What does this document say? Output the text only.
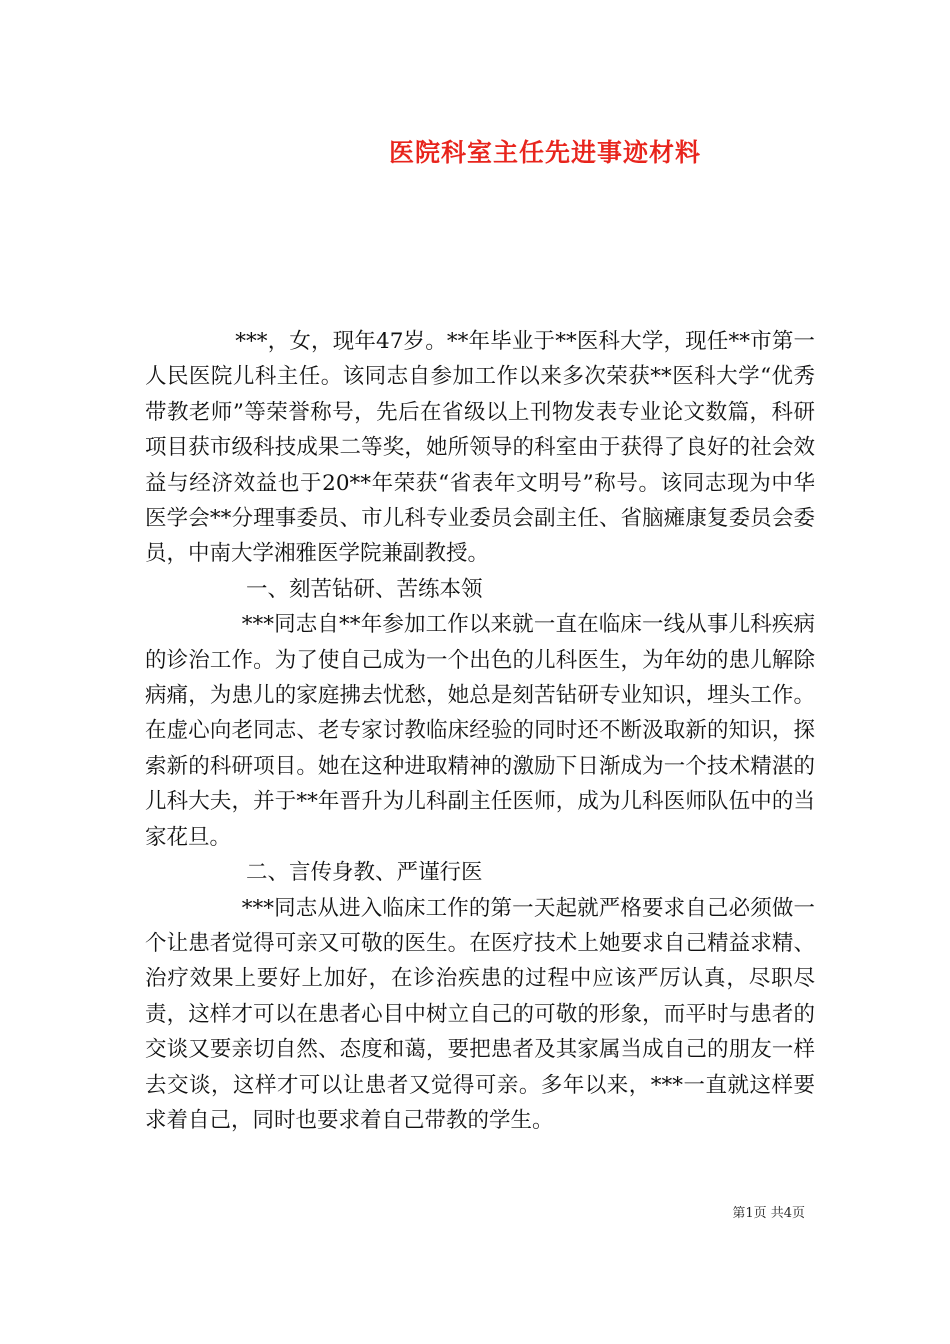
医院科室主任先进事迹材料

***，女，现年47岁。**年毕业于**医科大学，现任**市第一人民医院儿科主任。该同志自参加工作以来多次荣获**医科大学“优秀带教老师”等荣誉称号，先后在省级以上刊物发表专业论文数篇，科研项目获市级科技成果二等奖，她所领导的科室由于获得了良好的社会效益与经济效益也于20**年荣获“省表年文明号”称号。该同志现为中华医学会**分理事委员、市儿科专业委员会副主任、省脑瘫康复委员会委员，中南大学湘雅医学院兼副教授。

一、刻苦钻研、苦练本领

***同志自**年参加工作以来就一直在临床一线从事儿科疾病的诊治工作。为了使自己成为一个出色的儿科医生，为年幼的患儿解除病痛，为患儿的家庭拂去忧愁，她总是刻苦钻研专业知识，埋头工作。在虚心向老同志、老专家讨教临床经验的同时还不断汲取新的知识，探索新的科研项目。她在这种进取精神的激励下日渐成为一个技术精湛的儿科大夫，并于**年晋升为儿科副主任医师，成为儿科医师队伍中的当家花旦。

二、言传身教、严谨行医

***同志从进入临床工作的第一天起就严格要求自己必须做一个让患者觉得可亲又可敬的医生。在医疗技术上她要求自己精益求精、治疗效果上要好上加好，在诊治疾患的过程中应该严厉认真，尽职尽责，这样才可以在患者心目中树立自己的可敬的形象，而平时与患者的交谈又要亲切自然、态度和蔼，要把患者及其家属当成自己的朋友一样去交谈，这样才可以让患者又觉得可亲。多年以来，***一直就这样要求着自己，同时也要求着自己带教的学生。

第1页 共4页
